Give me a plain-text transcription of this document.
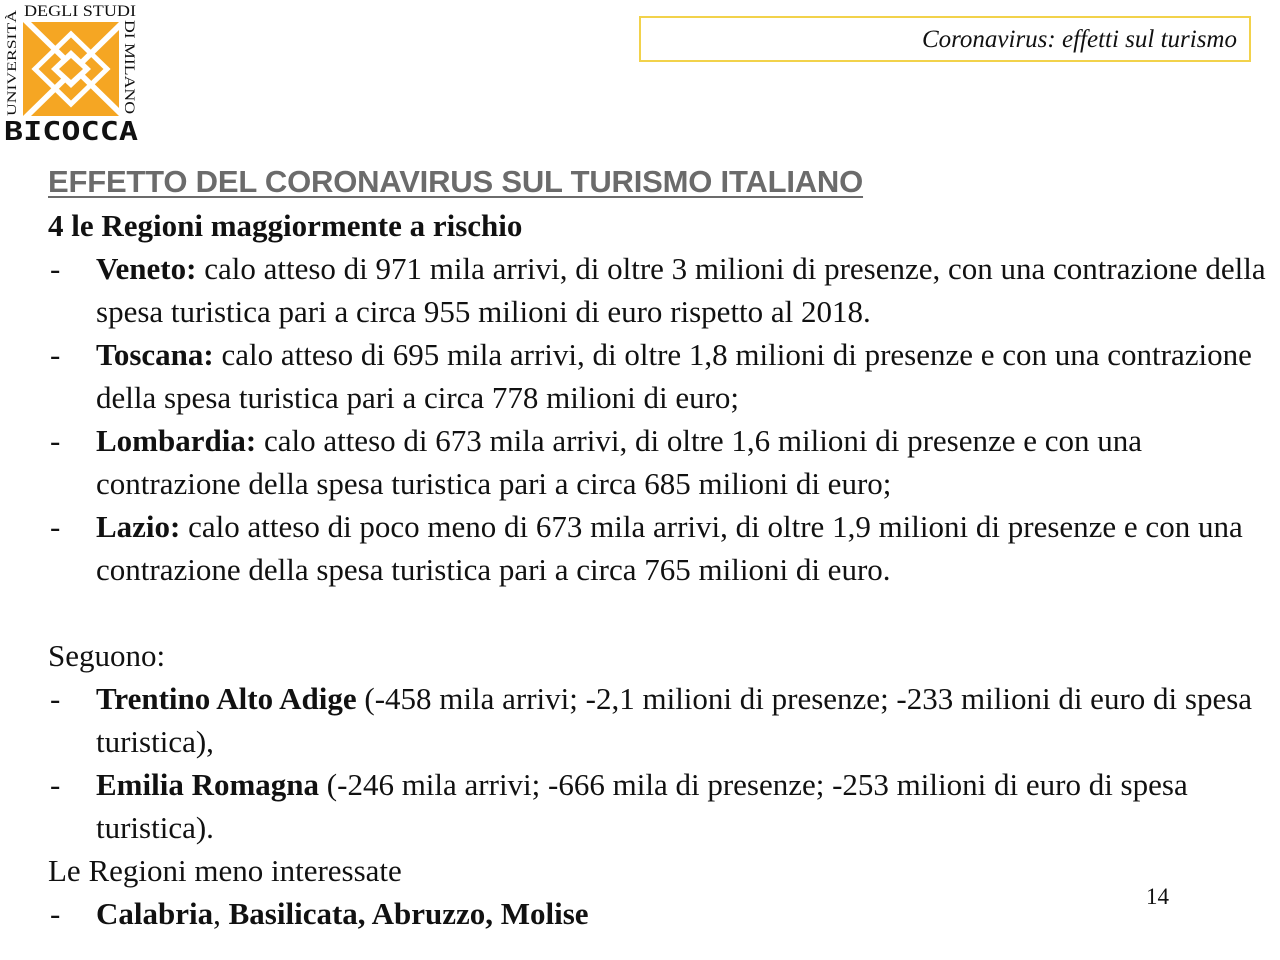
UNIVERSITÀ
DEGLI STUDI
DI MILANO
BICOCCA
Coronavirus: effetti sul turismo
EFFETTO DEL CORONAVIRUS SUL TURISMO ITALIANO
4 le Regioni maggiormente a rischio
- Veneto: calo atteso di 971 mila arrivi, di oltre 3 milioni di presenze, con una contrazione della spesa turistica pari a circa 955 milioni di euro rispetto al 2018.
- Toscana: calo atteso di 695 mila arrivi, di oltre 1,8 milioni di presenze e con una contrazione della spesa turistica pari a circa 778 milioni di euro;
- Lombardia: calo atteso di 673 mila arrivi, di oltre 1,6 milioni di presenze e con una contrazione della spesa turistica pari a circa 685 milioni di euro;
- Lazio: calo atteso di poco meno di 673 mila arrivi, di oltre 1,9 milioni di presenze e con una contrazione della spesa turistica pari a circa 765 milioni di euro.
Seguono:
- Trentino Alto Adige (-458 mila arrivi; -2,1 milioni di presenze; -233 milioni di euro di spesa turistica),
- Emilia Romagna (-246 mila arrivi; -666 mila di presenze; -253 milioni di euro di spesa turistica).
Le Regioni meno interessate
- Calabria, Basilicata, Abruzzo, Molise	14
